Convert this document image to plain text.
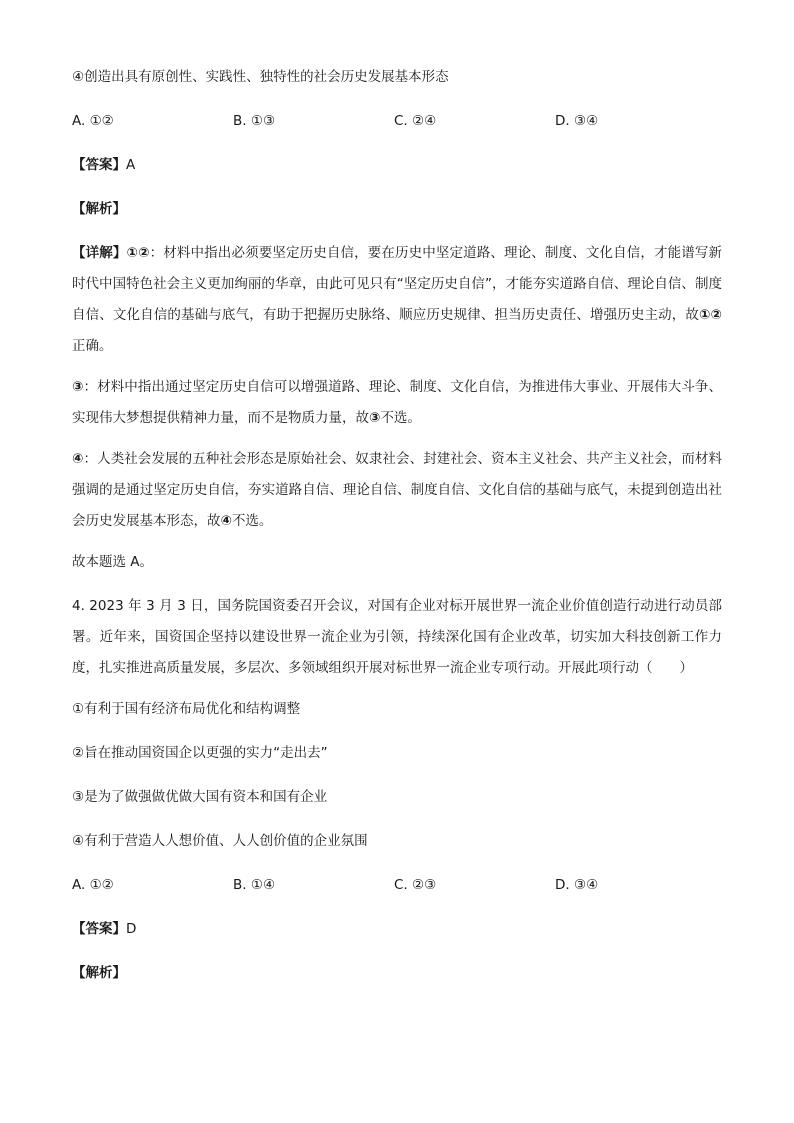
④创造出具有原创性、实践性、独特性的社会历史发展基本形态

A. ①②	B. ①③	C. ②④	D. ③④

【答案】A

【解析】

【详解】①②：材料中指出必须要坚定历史自信，要在历史中坚定道路、理论、制度、文化自信，才能谱写新时代中国特色社会主义更加绚丽的华章，由此可见只有“坚定历史自信”，才能夯实道路自信、理论自信、制度自信、文化自信的基础与底气，有助于把握历史脉络、顺应历史规律、担当历史责任、增强历史主动，故①②正确。

③：材料中指出通过坚定历史自信可以增强道路、理论、制度、文化自信，为推进伟大事业、开展伟大斗争、实现伟大梦想提供精神力量，而不是物质力量，故③不选。

④：人类社会发展的五种社会形态是原始社会、奴隶社会、封建社会、资本主义社会、共产主义社会，而材料强调的是通过坚定历史自信，夯实道路自信、理论自信、制度自信、文化自信的基础与底气，未提到创造出社会历史发展基本形态，故④不选。

故本题选 A。

4. 2023 年 3 月 3 日，国务院国资委召开会议，对国有企业对标开展世界一流企业价值创造行动进行动员部署。近年来，国资国企坚持以建设世界一流企业为引领，持续深化国有企业改革，切实加大科技创新工作力度，扎实推进高质量发展，多层次、多领域组织开展对标世界一流企业专项行动。开展此项行动（　　）

①有利于国有经济布局优化和结构调整

②旨在推动国资国企以更强的实力“走出去”

③是为了做强做优做大国有资本和国有企业

④有利于营造人人想价值、人人创价值的企业氛围

A. ①②	B. ①④	C. ②③	D. ③④

【答案】D

【解析】
